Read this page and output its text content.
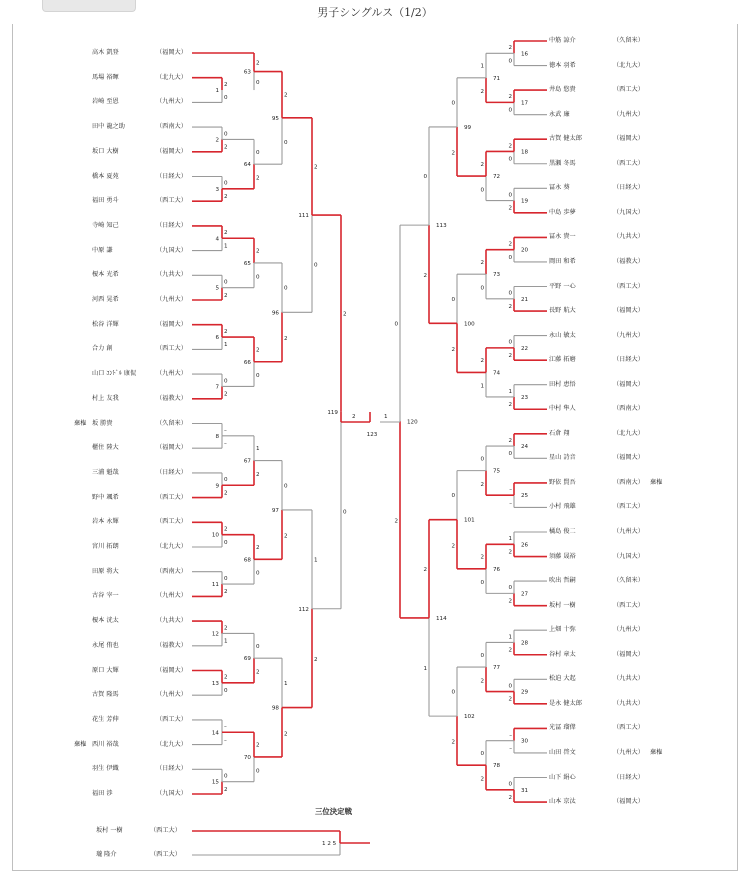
男子シングルス（1/2）
1
2
0
2
0
2
3
0
2
4
2
1
5
0
2
6
2
1
7
0
2
8
–
–
9
0
2
10
2
0
11
0
2
12
2
1
13
2
0
14
–
–
15
0
2
63
2
0
64
0
2
65
2
0
66
2
0
67
1
2
68
2
0
69
0
2
70
2
0
95
2
0
96
0
2
97
0
2
98
1
2
111
2
0
112
1
2
119
2
0
16
2
0
17
2
0
18
2
0
19
0
2
20
2
0
21
0
2
22
0
2
23
1
2
24
2
0
25
–
–
26
1
2
27
0
2
28
1
2
29
0
2
30
–
–
31
0
2
71
1
2
72
2
0
73
2
0
74
2
1
75
0
2
76
2
0
77
0
2
78
0
2
99
0
2
100
0
2
101
0
2
102
0
2
113
0
2
114
2
1
120
0
2
2	1
123
1 2 5
高木 凱登	（福岡大）
馬場 裕暉	（北九大）
岩崎 至恩	（九州大）
田中 龍之助	（西南大）
坂口 大樹	（福岡大）
橋本 夏苑	（日経大）
福田 勇斗	（西工大）
寺崎 知己	（日経大）
中原 謙	（九国大）
榎本 光希	（九共大）
河西 晃希	（九州大）
松谷 洋輝	（福岡大）
合力 創	（西工大）
山口 ｺﾝﾄﾞﾙ 康侃	（九州大）
村上 友我	（福教大）
坂 勝貴	（久留米）
棄権
櫃住 陸大	（福岡大）
三浦 魁哉	（日経大）
野中 颯希	（西工大）
岩本 永輝	（西工大）
宮川 拓朗	（北九大）
田原 将大	（西南大）
古谷 宰一	（九州大）
榎本 洸太	（九共大）
永尾 侑也	（福教大）
原口 大輝	（福岡大）
古賀 隆馬	（九州大）
花生 芳伸	（西工大）
西川 裕哉	（北九大）
棄権
羽生 伊織	（日経大）
福田 渉	（九国大）
中筋 諒介	（久留米）
徳本 羽希	（北九大）
井島 悠貴	（西工大）
永武 廉	（九州大）
古賀 健太郎	（福岡大）
黒瀬 冬馬	（西工大）
冨永 葵	（日経大）
中島 歩夢	（九国大）
冨永 貴一	（九共大）
岡田 和希	（福教大）
平野 一心	（西工大）
長野 航大	（福岡大）
永山 敏太	（九州大）
江藤 拓磨	（日経大）
田村 恵悟	（福岡大）
中村 隼人	（西南大）
石倉 翔	（北九大）
星山 詩音	（福岡大）
野依 賢吾	（西南大） 棄権
小村 飛雄	（西工大）
橘島 俊二	（九州大）
須藤 晟裕	（九国大）
吹出 哲嗣	（久留米）
坂村 一樹	（西工大）
上畑 十弥	（九州大）
谷村 章太	（福岡大）
松迫 大起	（九共大）
是永 健太郎	（九共大）
光冨 瑠偉	（西工大）
山田 啓文	（九州大） 棄権
山下 絹心	（日経大）
山本 京汰	（福岡大）
三位決定戦
坂村 一樹	（西工大）
瓏 隆介	（西工大）
